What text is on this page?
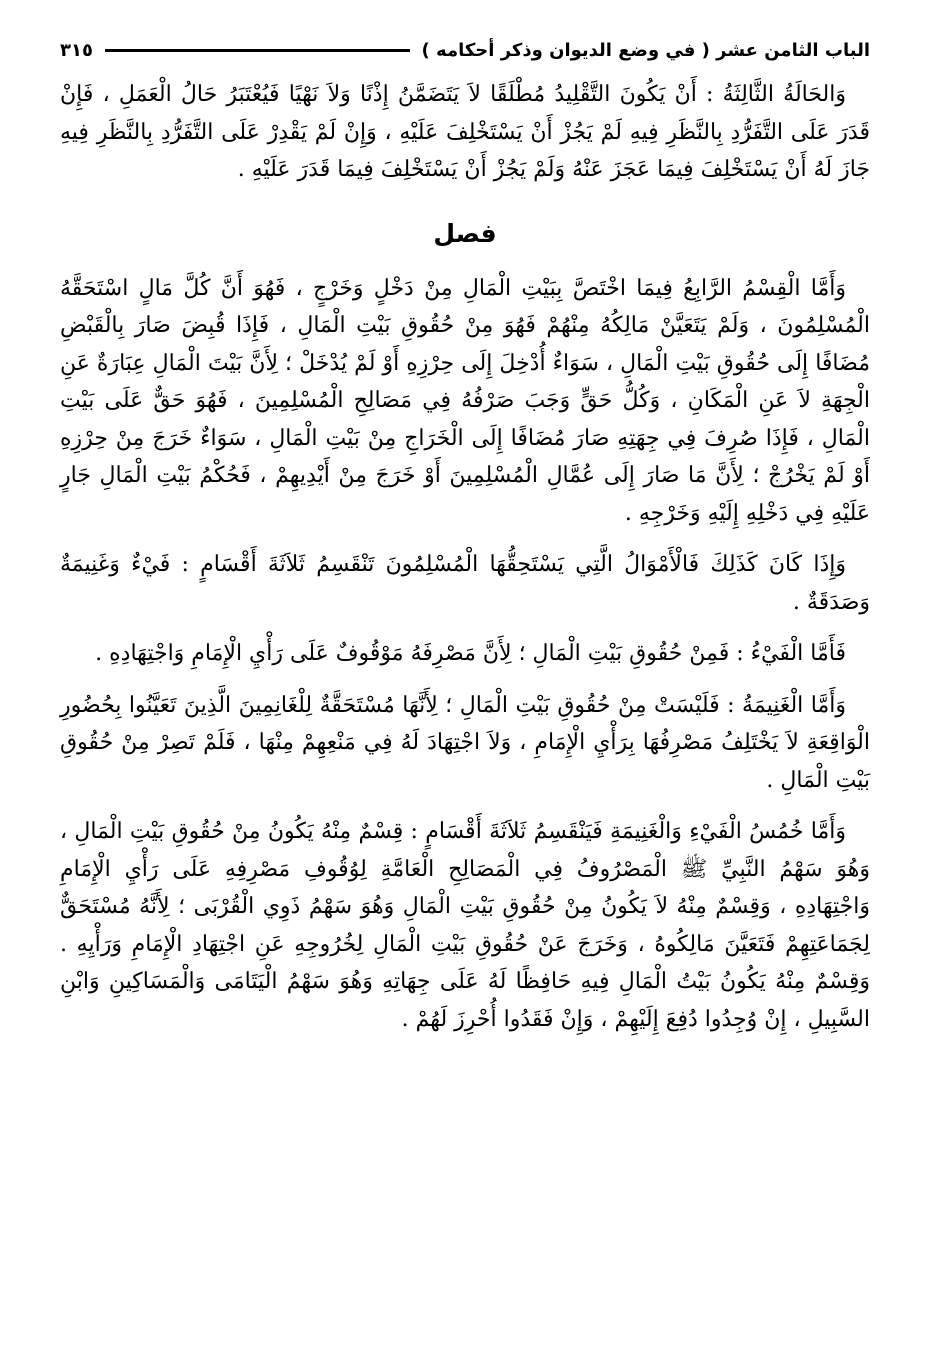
الباب الثامن عشر ( في وضع الديوان وذكر أحكامه )
٣١٥

وَالحَالَةُ الثَّالِثَةُ : أَنْ يَكُونَ التَّقْلِيدُ مُطْلَقًا لاَ يَتَضَمَّنُ إِذْنًا وَلاَ نَهْيًا فَيُعْتَبَرُ حَالُ الْعَمَلِ ، فَإِنْ قَدَرَ عَلَى التَّفَرُّدِ بِالنَّظَرِ فِيهِ لَمْ يَجُزْ أَنْ يَسْتَخْلِفَ عَلَيْهِ ، وَإِنْ لَمْ يَقْدِرْ عَلَى التَّفَرُّدِ بِالنَّظَرِ فِيهِ جَازَ لَهُ أَنْ يَسْتَخْلِفَ فِيمَا عَجَزَ عَنْهُ وَلَمْ يَجُزْ أَنْ يَسْتَخْلِفَ فِيمَا قَدَرَ عَلَيْهِ .

فصل

وَأَمَّا الْقِسْمُ الرَّابِعُ فِيمَا اخْتَصَّ بِبَيْتِ الْمَالِ مِنْ دَخْلٍ وَخَرْجٍ ، فَهُوَ أَنَّ كُلَّ مَالٍ اسْتَحَقَّهُ الْمُسْلِمُونَ ، وَلَمْ يَتَعَيَّنْ مَالِكُهُ مِنْهُمْ فَهُوَ مِنْ حُقُوقِ بَيْتِ الْمَالِ ، فَإِذَا قُبِضَ صَارَ بِالْقَبْضِ مُضَافًا إِلَى حُقُوقِ بَيْتِ الْمَالِ ، سَوَاءٌ أُدْخِلَ إِلَى حِرْزِهِ أَوْ لَمْ يُدْخَلْ ؛ لِأَنَّ بَيْتَ الْمَالِ عِبَارَةٌ عَنِ الْجِهَةِ لاَ عَنِ الْمَكَانِ ، وَكُلُّ حَقٍّ وَجَبَ صَرْفُهُ فِي مَصَالِحِ الْمُسْلِمِينَ ، فَهُوَ حَقٌّ عَلَى بَيْتِ الْمَالِ ، فَإِذَا صُرِفَ فِي جِهَتِهِ صَارَ مُضَافًا إِلَى الْخَرَاجِ مِنْ بَيْتِ الْمَالِ ، سَوَاءٌ خَرَجَ مِنْ حِرْزِهِ أَوْ لَمْ يَخْرُجْ ؛ لِأَنَّ مَا صَارَ إِلَى عُمَّالِ الْمُسْلِمِينَ أَوْ خَرَجَ مِنْ أَيْدِيهِمْ ، فَحُكْمُ بَيْتِ الْمَالِ جَارٍ عَلَيْهِ فِي دَخْلِهِ إِلَيْهِ وَخَرْجِهِ .

وَإِذَا كَانَ كَذَلِكَ فَالْأَمْوَالُ الَّتِي يَسْتَحِقُّهَا الْمُسْلِمُونَ تَنْقَسِمُ ثَلاَثَةَ أَقْسَامٍ : فَيْءٌ وَغَنِيمَةٌ وَصَدَقَةٌ .

فَأَمَّا الْفَيْءُ : فَمِنْ حُقُوقِ بَيْتِ الْمَالِ ؛ لِأَنَّ مَصْرِفَهُ مَوْقُوفٌ عَلَى رَأْيِ الْإِمَامِ وَاجْتِهَادِهِ .

وَأَمَّا الْغَنِيمَةُ : فَلَيْسَتْ مِنْ حُقُوقِ بَيْتِ الْمَالِ ؛ لِأَنَّهَا مُسْتَحَقَّةٌ لِلْغَانِمِينَ الَّذِينَ تَعَيَّنُوا بِحُضُورِ الْوَاقِعَةِ لاَ يَخْتَلِفُ مَصْرِفُهَا بِرَأْيِ الْإِمَامِ ، وَلاَ اجْتِهَادَ لَهُ فِي مَنْعِهِمْ مِنْهَا ، فَلَمْ تَصِرْ مِنْ حُقُوقِ بَيْتِ الْمَالِ .

وَأَمَّا خُمُسُ الْفَيْءِ وَالْغَنِيمَةِ فَيَنْقَسِمُ ثَلاَثَةَ أَقْسَامٍ : قِسْمٌ مِنْهُ يَكُونُ مِنْ حُقُوقِ بَيْتِ الْمَالِ ، وَهُوَ سَهْمُ النَّبِيِّ ﷺ الْمَصْرُوفُ فِي الْمَصَالِحِ الْعَامَّةِ لِوُقُوفِ مَصْرِفِهِ عَلَى رَأْيِ الْإِمَامِ وَاجْتِهَادِهِ ، وَقِسْمٌ مِنْهُ لاَ يَكُونُ مِنْ حُقُوقِ بَيْتِ الْمَالِ وَهُوَ سَهْمُ ذَوِي الْقُرْبَى ؛ لِأَنَّهُ مُسْتَحَقٌّ لِجَمَاعَتِهِمْ فَتَعَيَّنَ مَالِكُوهُ ، وَخَرَجَ عَنْ حُقُوقِ بَيْتِ الْمَالِ لِخُرُوجِهِ عَنِ اجْتِهَادِ الْإِمَامِ وَرَأْيِهِ . وَقِسْمٌ مِنْهُ يَكُونُ بَيْتُ الْمَالِ فِيهِ حَافِظًا لَهُ عَلَى جِهَاتِهِ وَهُوَ سَهْمُ الْيَتَامَى وَالْمَسَاكِينِ وَابْنِ السَّبِيلِ ، إِنْ وُجِدُوا دُفِعَ إِلَيْهِمْ ، وَإِنْ فَقَدُوا أُحْرِزَ لَهُمْ .
